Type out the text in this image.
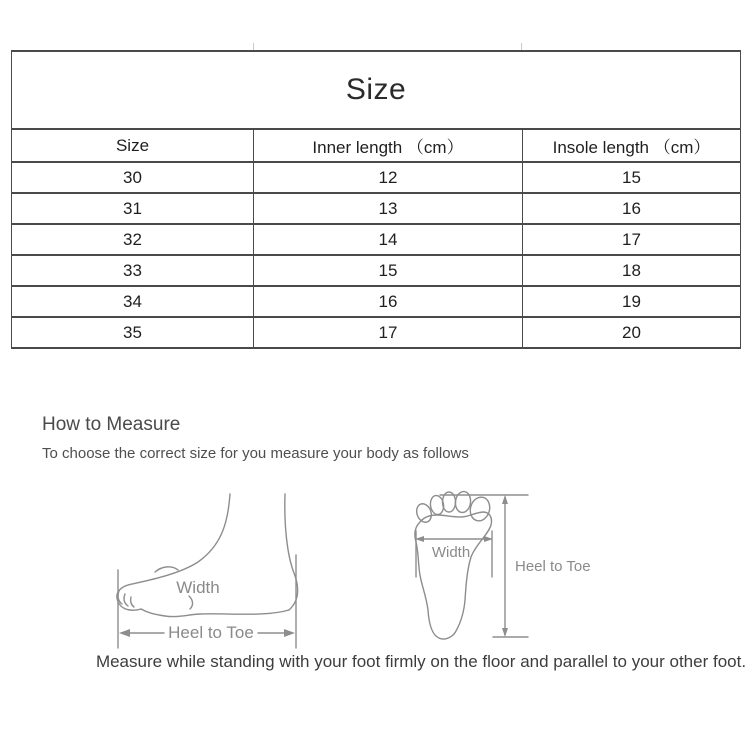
Size		
Size	Inner length （cm）	Insole length （cm）
30	12	15
31	13	16
32	14	17
33	15	18
34	16	19
35	17	20
How to Measure
To choose the correct size for you measure your body as follows
Width
Heel to Toe
Width
Heel to Toe
Measure while standing with your foot firmly on the floor and parallel to your other foot.
